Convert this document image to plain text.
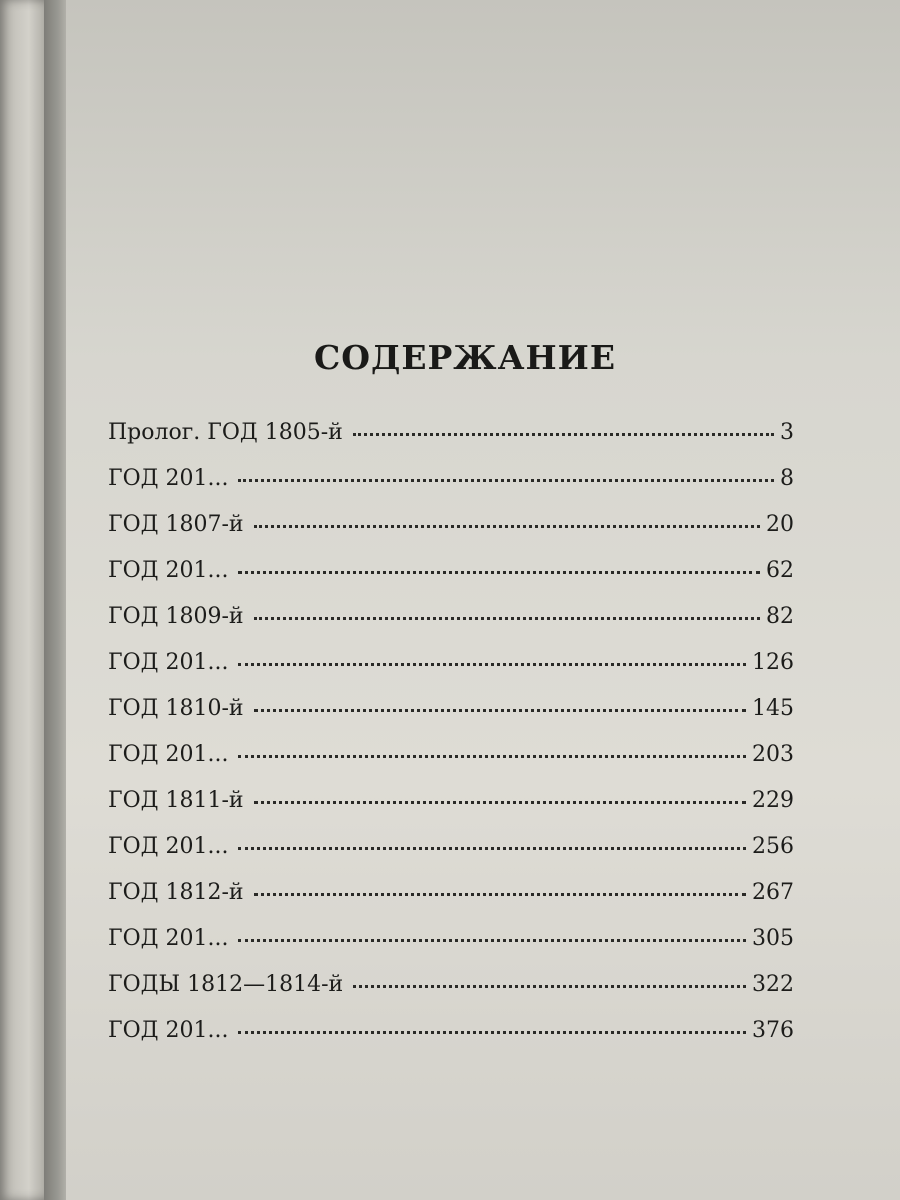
СОДЕРЖАНИЕ
Пролог. ГОД 1805-й	3
ГОД 201...	8
ГОД 1807-й	20
ГОД 201...	62
ГОД 1809-й	82
ГОД 201...	126
ГОД 1810-й	145
ГОД 201...	203
ГОД 1811-й	229
ГОД 201...	256
ГОД 1812-й	267
ГОД 201...	305
ГОДЫ 1812—1814-й	322
ГОД 201...	376
